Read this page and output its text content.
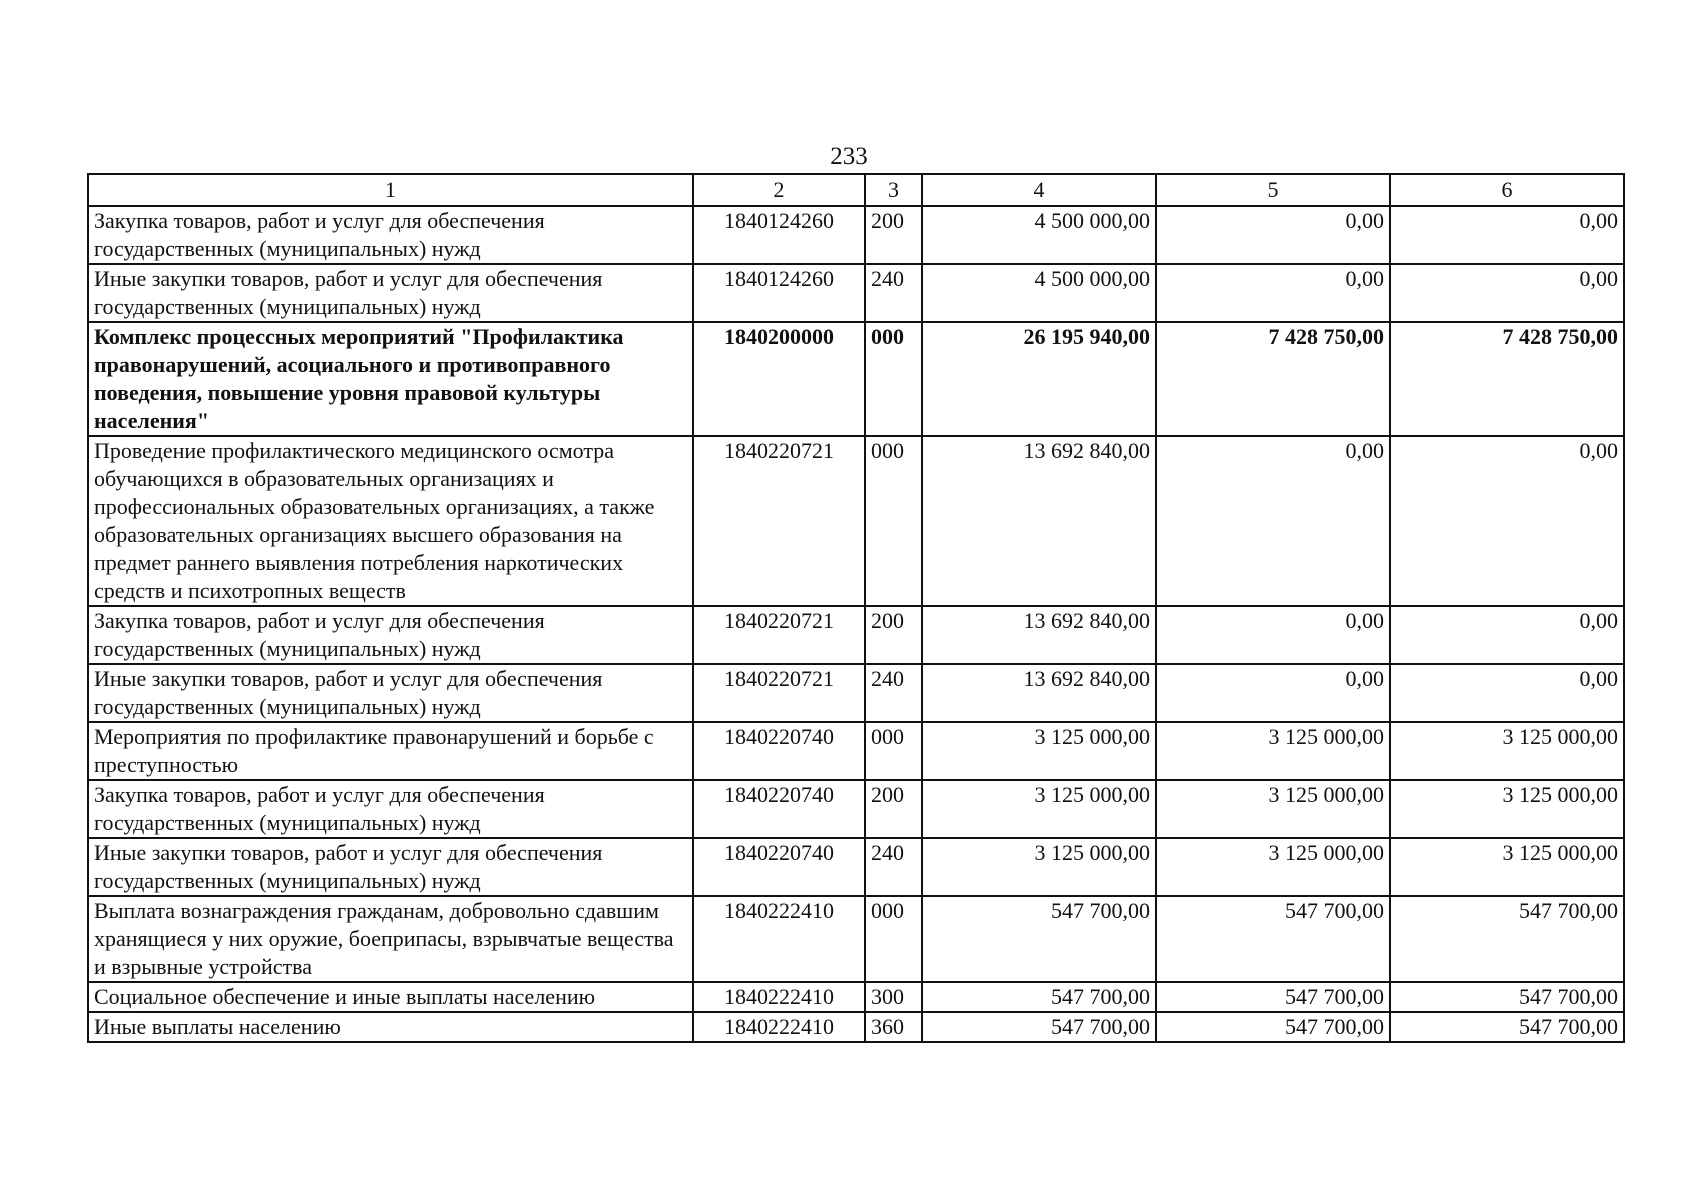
233
1	2	3	4	5	6
Закупка товаров, работ и услуг для обеспечения государственных (муниципальных) нужд	1840124260	200	4 500 000,00	0,00	0,00
Иные закупки товаров, работ и услуг для обеспечения государственных (муниципальных) нужд	1840124260	240	4 500 000,00	0,00	0,00
Комплекс процессных мероприятий "Профилактика правонарушений, асоциального и противоправного поведения, повышение уровня правовой культуры населения"	1840200000	000	26 195 940,00	7 428 750,00	7 428 750,00
Проведение профилактического медицинского осмотра обучающихся в образовательных организациях и профессиональных образовательных организациях, а также образовательных организациях высшего образования на предмет раннего выявления потребления наркотических средств и психотропных веществ	1840220721	000	13 692 840,00	0,00	0,00
Закупка товаров, работ и услуг для обеспечения государственных (муниципальных) нужд	1840220721	200	13 692 840,00	0,00	0,00
Иные закупки товаров, работ и услуг для обеспечения государственных (муниципальных) нужд	1840220721	240	13 692 840,00	0,00	0,00
Мероприятия по профилактике правонарушений и борьбе с преступностью	1840220740	000	3 125 000,00	3 125 000,00	3 125 000,00
Закупка товаров, работ и услуг для обеспечения государственных (муниципальных) нужд	1840220740	200	3 125 000,00	3 125 000,00	3 125 000,00
Иные закупки товаров, работ и услуг для обеспечения государственных (муниципальных) нужд	1840220740	240	3 125 000,00	3 125 000,00	3 125 000,00
Выплата вознаграждения гражданам, добровольно сдавшим хранящиеся у них оружие, боеприпасы, взрывчатые вещества и взрывные устройства	1840222410	000	547 700,00	547 700,00	547 700,00
Социальное обеспечение и иные выплаты населению	1840222410	300	547 700,00	547 700,00	547 700,00
Иные выплаты населению	1840222410	360	547 700,00	547 700,00	547 700,00
